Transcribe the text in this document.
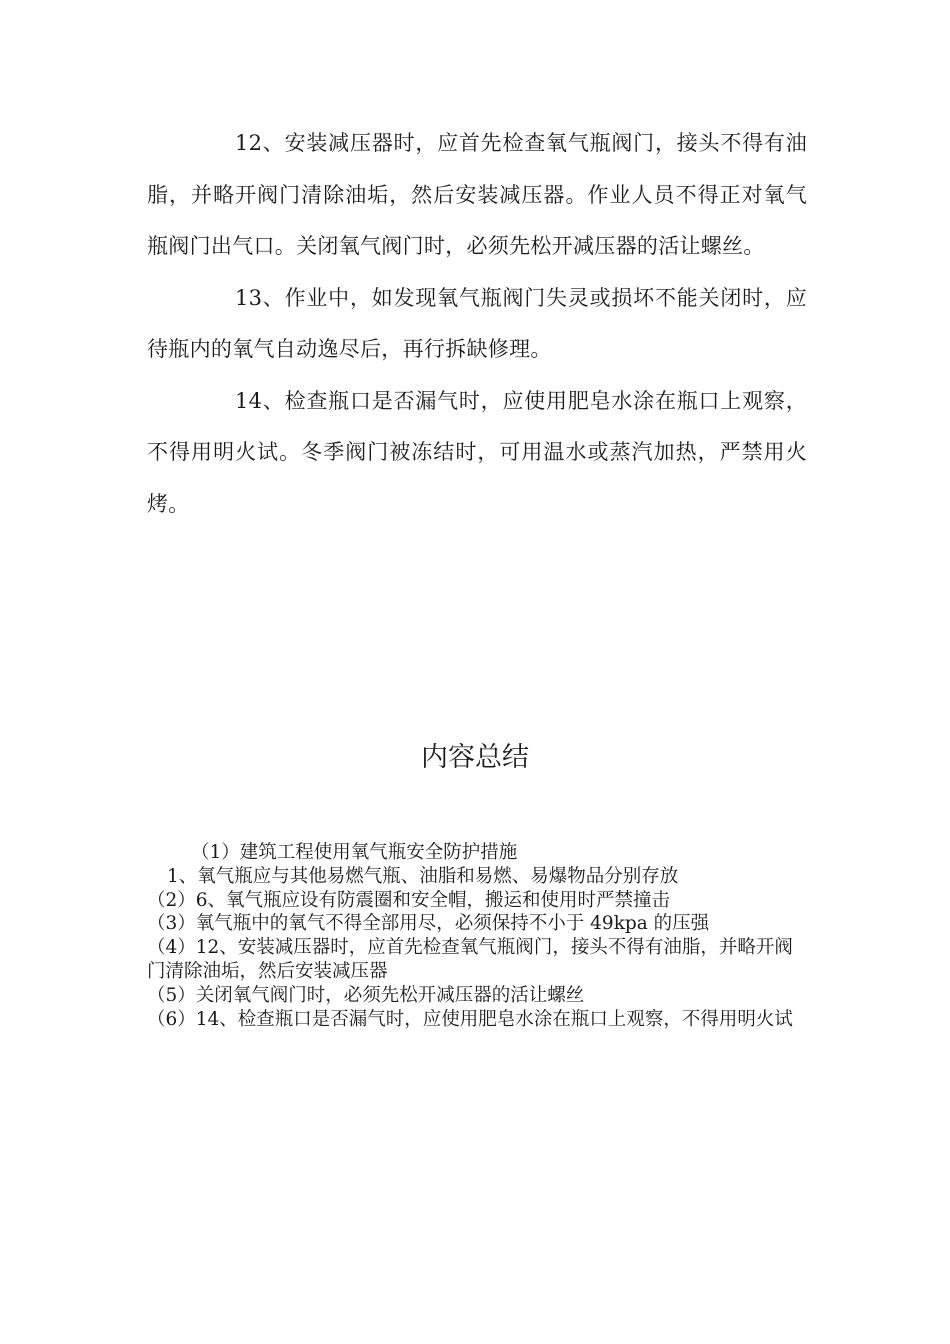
12、安装减压器时，应首先检查氧气瓶阀门，接头不得有油脂，并略开阀门清除油垢，然后安装减压器。作业人员不得正对氧气瓶阀门出气口。关闭氧气阀门时，必须先松开减压器的活让螺丝。

13、作业中，如发现氧气瓶阀门失灵或损坏不能关闭时，应待瓶内的氧气自动逸尽后，再行拆缺修理。

14、检查瓶口是否漏气时，应使用肥皂水涂在瓶口上观察，不得用明火试。冬季阀门被冻结时，可用温水或蒸汽加热，严禁用火烤。

内容总结

（1）建筑工程使用氧气瓶安全防护措施

1、氧气瓶应与其他易燃气瓶、油脂和易燃、易爆物品分别存放

（2）6、氧气瓶应设有防震圈和安全帽，搬运和使用时严禁撞击

（3）氧气瓶中的氧气不得全部用尽，必须保持不小于 49kpa 的压强

（4）12、安装减压器时，应首先检查氧气瓶阀门，接头不得有油脂，并略开阀门清除油垢，然后安装减压器

（5）关闭氧气阀门时，必须先松开减压器的活让螺丝

（6）14、检查瓶口是否漏气时，应使用肥皂水涂在瓶口上观察，不得用明火试
